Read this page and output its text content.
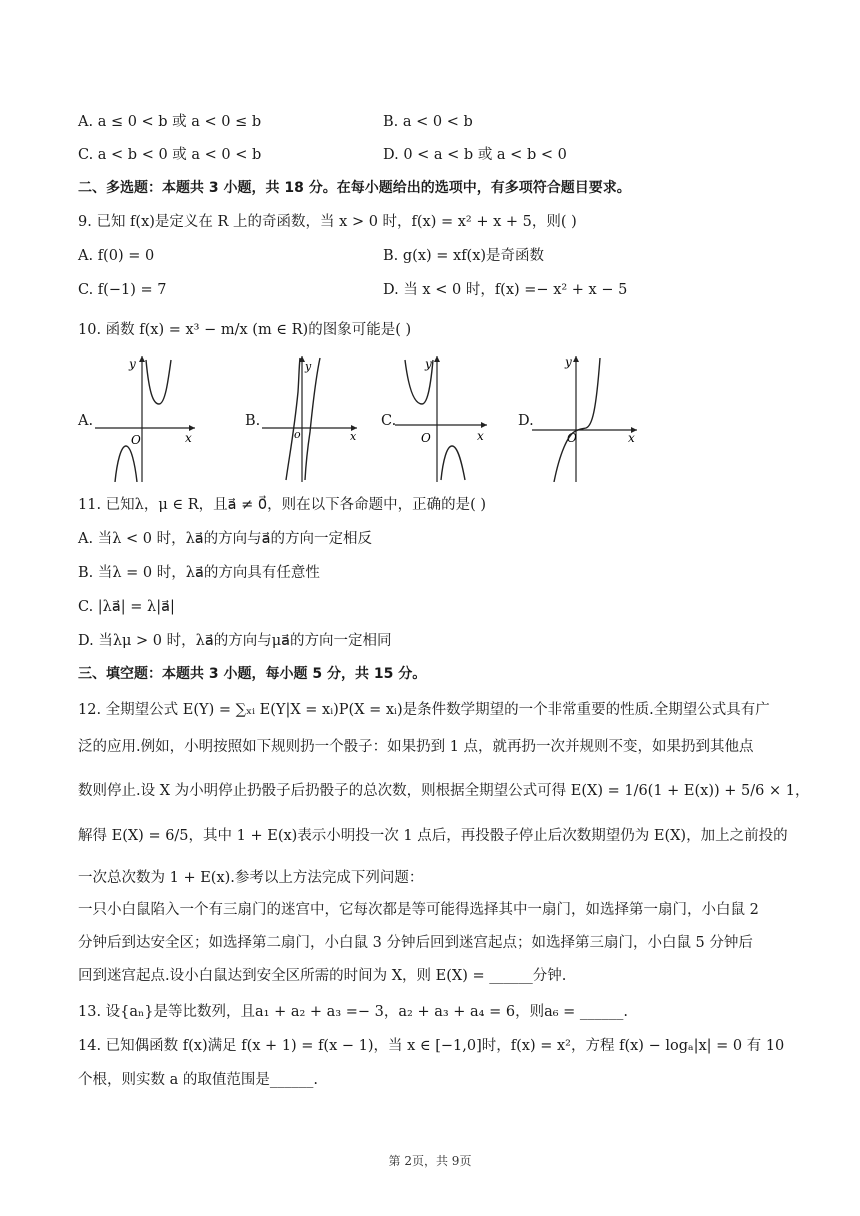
A. a ≤ 0 < b 或 a < 0 ≤ b	B. a < 0 < b
C. a < b < 0 或 a < 0 < b	D. 0 < a < b 或 a < b < 0
二、多选题：本题共 3 小题，共 18 分。在每小题给出的选项中，有多项符合题目要求。
9. 已知 f(x)是定义在 R 上的奇函数，当 x > 0 时，f(x) = x² + x + 5，则( )
A. f(0) = 0	B. g(x) = xf(x)是奇函数
C. f(−1) = 7	D. 当 x < 0 时，f(x) =− x² + x − 5
10. 函数 f(x) = x³ − m/x (m ∈ R)的图象可能是( )
A.	B.	C.	D.
y
x
O
y
x
o
y
x
O
y
x
O
11. 已知λ，μ ∈ R，且a⃗ ≠ 0⃗，则在以下各命题中，正确的是( )
A. 当λ < 0 时，λa⃗的方向与a⃗的方向一定相反
B. 当λ = 0 时，λa⃗的方向具有任意性
C. |λa⃗| = λ|a⃗|
D. 当λμ > 0 时，λa⃗的方向与μa⃗的方向一定相同
三、填空题：本题共 3 小题，每小题 5 分，共 15 分。
12. 全期望公式 E(Y) = ∑ₓᵢ E(Y|X = xᵢ)P(X = xᵢ)是条件数学期望的一个非常重要的性质.全期望公式具有广
泛的应用.例如，小明按照如下规则扔一个骰子：如果扔到 1 点，就再扔一次并规则不变，如果扔到其他点
数则停止.设 X 为小明停止扔骰子后扔骰子的总次数，则根据全期望公式可得 E(X) = 1/6(1 + E(x)) + 5/6 × 1，
解得 E(X) = 6/5，其中 1 + E(x)表示小明投一次 1 点后，再投骰子停止后次数期望仍为 E(X)，加上之前投的
一次总次数为 1 + E(x).参考以上方法完成下列问题：
一只小白鼠陷入一个有三扇门的迷宫中，它每次都是等可能得选择其中一扇门，如选择第一扇门，小白鼠 2
分钟后到达安全区；如选择第二扇门，小白鼠 3 分钟后回到迷宫起点；如选择第三扇门，小白鼠 5 分钟后
回到迷宫起点.设小白鼠达到安全区所需的时间为 X，则 E(X) = ______分钟.
13. 设{aₙ}是等比数列，且a₁ + a₂ + a₃ =− 3，a₂ + a₃ + a₄ = 6，则a₆ = ______.
14. 已知偶函数 f(x)满足 f(x + 1) = f(x − 1)，当 x ∈ [−1,0]时，f(x) = x²，方程 f(x) − logₐ|x| = 0 有 10
个根，则实数 a 的取值范围是______.
第 2页，共 9页
